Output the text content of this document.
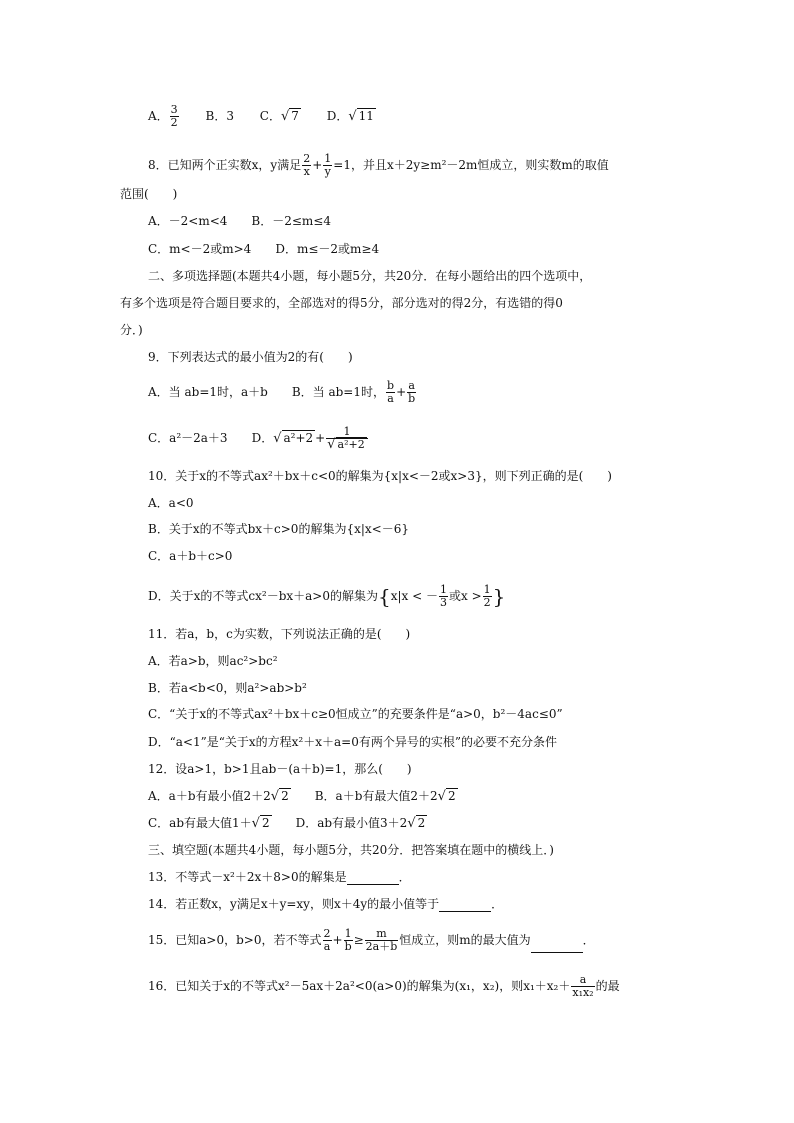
A． $\frac{3}{2}$ B．3 C．√ 7 D．√ 11
8．已知两个正实数x，y满足 $\frac{2}{x} + \frac{1}{y} =1$，并且x＋2y≥m²－2m恒成立，则实数m的取值
范围(　　)
A．－2<m<4　　B．－2≤m≤4
C．m<－2或m>4　　D．m≤－2或m≥4
二、多项选择题(本题共4小题，每小题5分，共20分．在每小题给出的四个选项中，
有多个选项是符合题目要求的，全部选对的得5分，部分选对的得2分，有选错的得0
分．)
9．下列表达式的最小值为2的有(　　)
A．当 ab=1时，a＋b　　B．当 ab=1时， $\frac{b}{a} + \frac{a}{b}$
C．a²－2a＋3　　D．√ $a^2+2 + \frac{1}{\text{√ a²+2}}$
10．关于x的不等式ax²＋bx＋c<0的解集为{x|x<－2或x>3}，则下列正确的是(　　)
A．a<0
B．关于x的不等式bx＋c>0的解集为{x|x<－6}
C．a＋b＋c>0
D．关于x的不等式cx²－bx＋a>0的解集为{x|x < － $\frac{1}{3}$ 或$x > \frac{1}{2}$ }
11．若a，b，c为实数，下列说法正确的是(　　)
A．若a>b，则ac²>bc²
B．若a<b<0，则a²>ab>b²
C．“关于x的不等式ax²＋bx＋c≥0恒成立”的充要条件是“a>0，b²－4ac≤0”
D．“a<1”是“关于x的方程x²＋x＋a=0有两个异号的实根”的必要不充分条件
12．设a>1，b>1且ab－(a＋b)=1，那么(　　)
A．a＋b有最小值2＋2√ 2　　B．a＋b有最大值2＋2√ 2
C．ab有最大值1＋√ 2　　D．ab有最小值3＋2√ 2
三、填空题(本题共4小题，每小题5分，共20分．把答案填在题中的横线上．)
13．不等式－x²＋2x＋8>0的解集是	．
14．若正数x，y满足x＋y=xy，则x＋4y的最小值等于	．
15．已知a>0，b>0，若不等式 $\frac{2}{a} + \frac{1}{b} \ge \frac{m}{2a+b}$ 恒成立，则m的最大值为	．
16．已知关于x的不等式x²－5ax＋2a²<0(a>0)的解集为(x₁，x₂)，则$x_1+x_2+ \frac{a}{\text{x₁x₂}}$ 的最
